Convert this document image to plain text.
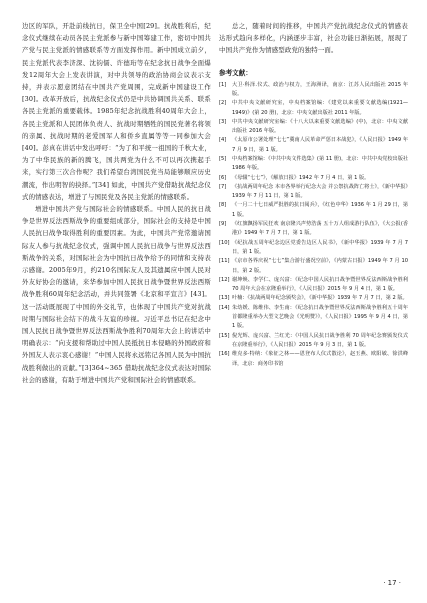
边区的军队，开赴前线抗日，保卫全中国[29]。抗战胜利后，纪念仪式继续在动员各民主党派参与新中国筹建工作，密切中国共产党与民主党派的情感联系等方面发挥作用。新中国成立前夕，民主党派代表李济深、沈钧儒、许德珩等在纪念抗日战争全面爆发12周年大会上发表讲演，对中共领导的政治协商会议表示支持，并表示愿意团结在中国共产党周围，完成新中国建设工作[30]。改革开放后，抗战纪念仪式仍是中共协调国共关系、联系各民主党派的重要载体。1985年纪念抗战胜利40周年大会上，各民主党派和人民团体负责人、抗战时期牺牲的国民党著名将领的亲属、抗战时期的老爱国军人和侨乡直属等等一同参加大会[40]。彭真在讲话中发出呼吁：“为了和平统一祖国的千秋大业，为了中华民族的新的腾飞，国共两党为什么不可以再次携起手来，实行第三次合作呢？我们希望台湾国民党当局能够顺应历史潮流，作出明智的抉择。”[34] 如此，中国共产党借助抗战纪念仪式的情感表达，增进了与国民党及各民主党派的情感联系。

增进中国共产党与国际社会的情感联系。中国人民的抗日战争是世界反法西斯战争的重要组成部分，国际社会的支持是中国人民抗日战争取得胜利的重要因素。为此，中国共产党常邀请国际友人参与抗战纪念仪式，强调中国人民抗日战争与世界反法西斯战争的关系，对国际社会为中国抗日战争给予的同情和支持表示感谢。2005年9月，约210名国际友人及其遗属应中国人民对外友好协会的邀请，来华参加中国人民抗日战争暨世界反法西斯战争胜利60周年纪念活动，并共同签署《北京和平宣言》[43]。这一活动既展现了中国的外交礼节，也体现了中国共产党对抗战时期与国际社会结下的战斗友谊的珍视。习近平总书记在纪念中国人民抗日战争暨世界反法西斯战争胜利70周年大会上的讲话中明确表示：“向支援和帮助过中国人民抵抗日本侵略的外国政府和外国友人表示衷心感谢！”中国人民将永远铭记各国人民为中国抗战胜利做出的贡献。”[3]364~365 借助抗战纪念仪式表达对国际社会的感谢，有助于增进中国共产党和国际社会的情感联系。

总之，随着时间的推移，中国共产党抗战纪念仪式的情感表达形式趋向多样化，内涵逐步丰富，社会功能日渐拓展，展现了中国共产党作为情感型政党的独特一面。

参考文献：
[1]	大卫·科泽.仪式、政治与权力，王海洲译，南京：江苏人民出版社 2015 年版。
[2]	中共中央文献研究室，中央档案馆编：《建党以来重要文献选编(1921—1949)》(第 20 册)，北京：中央文献出版社 2011 年版。
[3]	中共中央文献研究室编：《十八大以来重要文献选编》(中)，北京：中央文献出版社 2016 年版。
[4]	《太原市公署处理“七七”冀南人民革命严惩日本战犯》，《人民日报》1949 年 7 月 9 日，第 1 版。
[5]	中央档案馆编：《中共中央文件选集》(第 11 册)，北京：中共中央党校出版社 1986 年版。
[6]	《母辍“七七”》，《解放日报》1942 年 7 月 4 日，第 1 版。
[7]	《抗战两周年纪念 本市各界举行纪念大会 并公祭抗战阵亡将士》，《新中华报》1939 年 7 月 11 日，第 1 版。
[8]	《一月二十七日威严批胜的抗日阅兵》，《红色中华》1936 年 1 月 29 日，第 1 版。
[9]	《红旗飘扬军民狂欢 南京隆兴声势浩荡 五十万人组成游行队伍》，《大公报(香港)》1949 年 7 月 7 日，第 1 版。
[10] 《纪抗战五周年纪念边区党委告边区人民书》，《新中华报》1939 年 7 月 7 日，第 1 版。
[11] 《京市各界庆祝“七七”集合游行盛况空前》，《内蒙古日报》1949 年 7 月 10 日，第 2 版。
[12] 谢坤焕、李学仁、庞兴富：《纪念中国人民抗日战争暨世界反法西斯战争胜利 70 周年大会在京隆重举行》，《人民日报》2015 年 9 月 4 日，第 1 版。
[13] 叶楠：《抗战两周年纪念颁奖会》，《新中华报》1939 年 7 月 7 日，第 2 版。
[14] 朱幼媛、陈维伟、李生南：《纪念抗日战争暨世界反法西斯战争胜利五十周年首都隆重举办大型文艺晚会《光明赞》》，《人民日报》1995 年 9 月 4 日，第 1 版。
[15] 倪光辉、庞兴富、兰红光：《中国人民抗日战争胜利 70 周年纪念赛颁发仪式在京隆重举行》，《人民日报》2015 年 9 月 3 日，第 1 版。
[16] 维克多·特纳：《象征之林——恩登布人仪式散论》，赵玉燕、欧阳敏、徐洪峰译，北京：商务印书馆
· 17 ·
